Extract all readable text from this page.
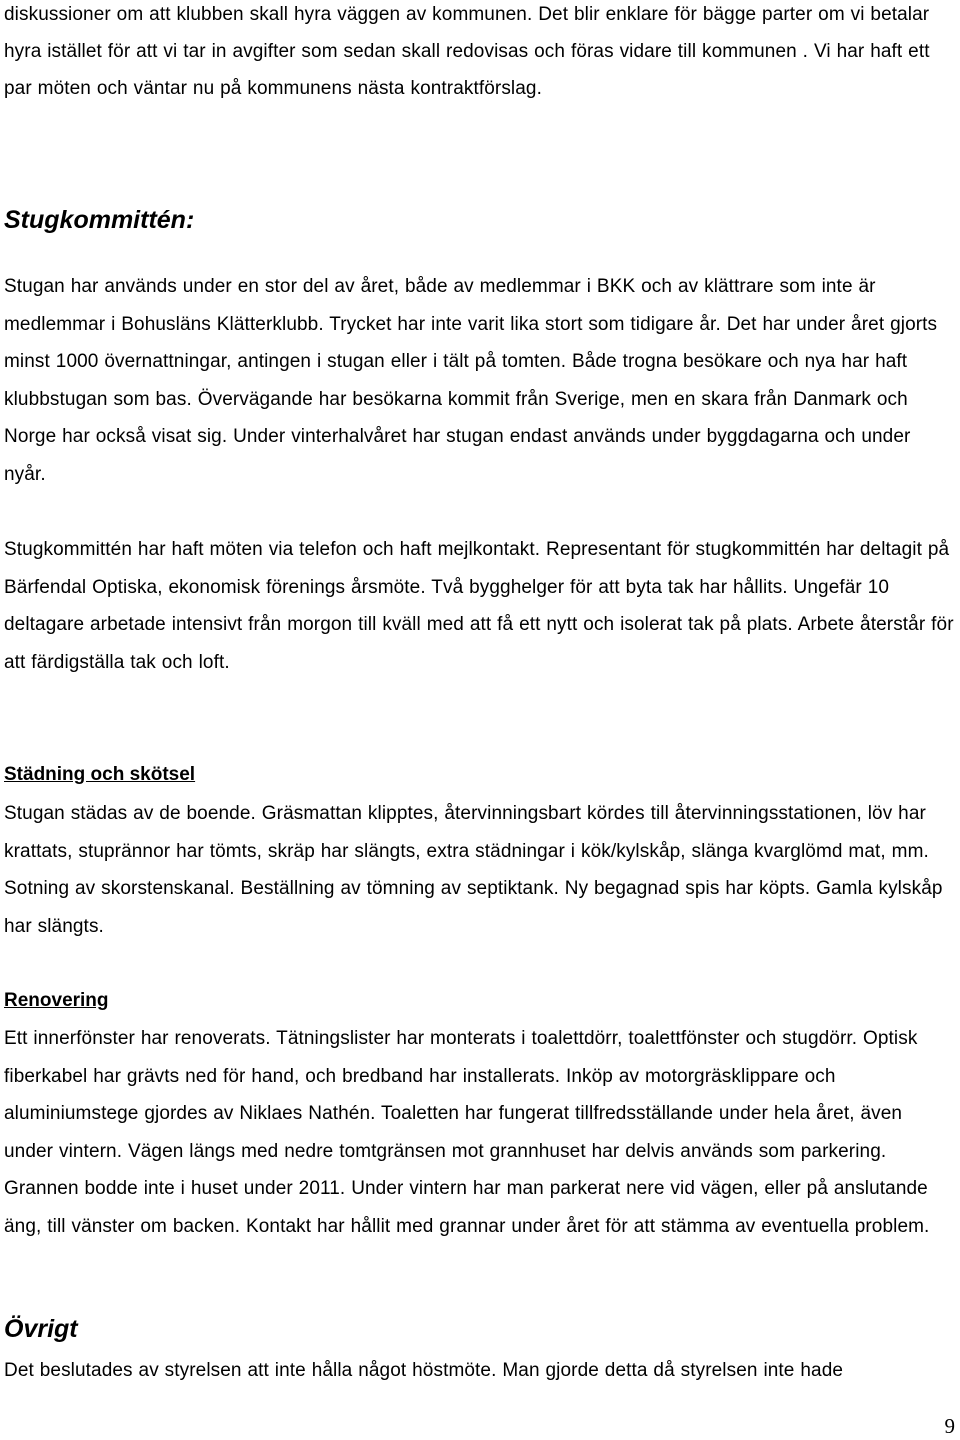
diskussioner om att klubben skall hyra väggen av kommunen. Det blir enklare för bägge parter om vi betalar hyra istället för att vi tar in avgifter som sedan skall redovisas och föras vidare till kommunen . Vi har haft ett par möten och väntar nu på kommunens nästa kontraktförslag.

Stugkommittén:

Stugan har används under en stor del av året, både av medlemmar i BKK och av klättrare som inte är medlemmar i Bohusläns Klätterklubb. Trycket har inte varit lika stort som tidigare år. Det har under året gjorts minst 1000 övernattningar, antingen i stugan eller i tält på tomten. Både trogna besökare och nya har haft klubbstugan som bas. Övervägande har besökarna kommit från Sverige, men en skara från Danmark och Norge har också visat sig. Under vinterhalvåret har stugan endast används under byggdagarna och under nyår.

Stugkommittén har haft möten via telefon och haft mejlkontakt. Representant för stugkommittén har deltagit på Bärfendal Optiska, ekonomisk förenings årsmöte. Två bygghelger för att byta tak har hållits. Ungefär 10 deltagare arbetade intensivt från morgon till kväll med att få ett nytt och isolerat tak på plats. Arbete återstår för att färdigställa tak och loft.

Städning och skötsel

Stugan städas av de boende. Gräsmattan klipptes, återvinningsbart kördes till återvinningsstationen, löv har krattats, stuprännor har tömts, skräp har slängts, extra städningar i kök/kylskåp, slänga kvarglömd mat, mm. Sotning av skorstenskanal. Beställning av tömning av septiktank. Ny begagnad spis har köpts. Gamla kylskåp har slängts.

Renovering

Ett innerfönster har renoverats. Tätningslister har monterats i toalettdörr, toalettfönster och stugdörr. Optisk fiberkabel har grävts ned för hand, och bredband har installerats. Inköp av motorgräsklippare och aluminiumstege gjordes av Niklaes Nathén. Toaletten har fungerat tillfredsställande under hela året, även under vintern. Vägen längs med nedre tomtgränsen mot grannhuset har delvis används som parkering. Grannen bodde inte i huset under 2011. Under vintern har man parkerat nere vid vägen, eller på anslutande äng, till vänster om backen. Kontakt har hållit med grannar under året för att stämma av eventuella problem.

Övrigt

Det beslutades av styrelsen att inte hålla något höstmöte. Man gjorde detta då styrelsen inte hade

9
